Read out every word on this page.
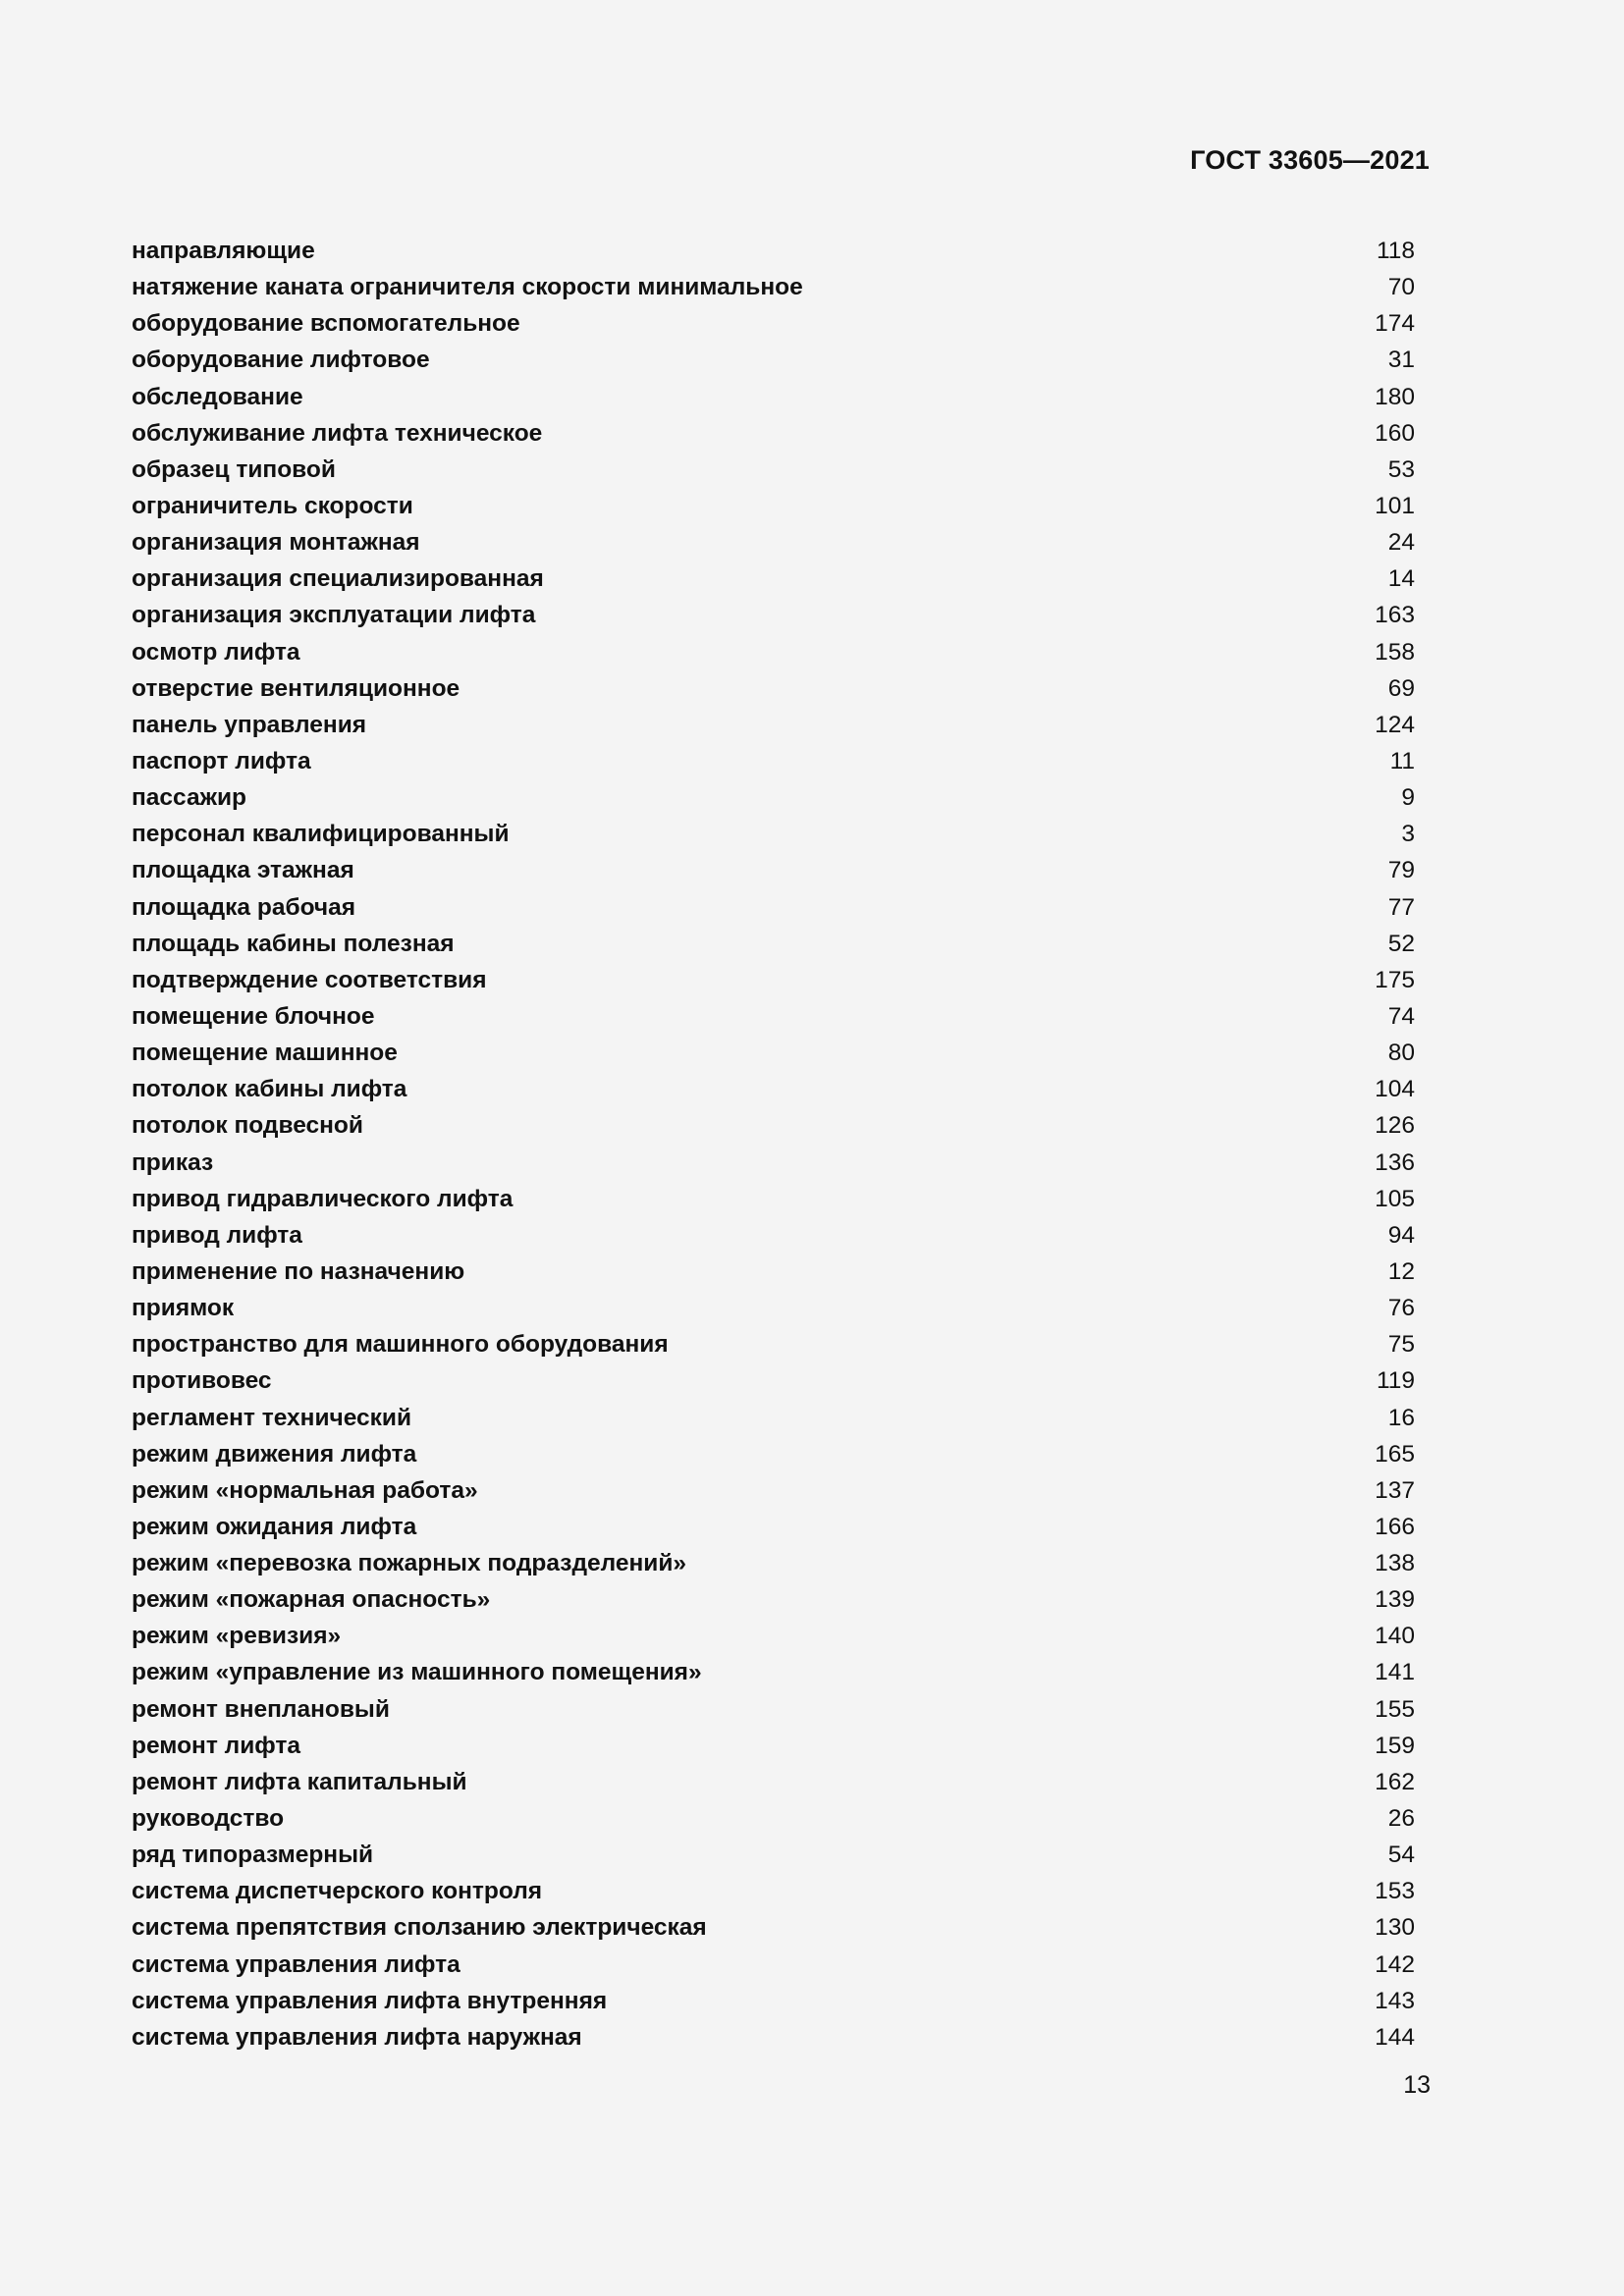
ГОСТ 33605—2021
направляющие	118
натяжение каната ограничителя скорости минимальное	70
оборудование вспомогательное	174
оборудование лифтовое	31
обследование	180
обслуживание лифта техническое	160
образец типовой	53
ограничитель скорости	101
организация монтажная	24
организация специализированная	14
организация эксплуатации лифта	163
осмотр лифта	158
отверстие вентиляционное	69
панель управления	124
паспорт лифта	11
пассажир	9
персонал квалифицированный	3
площадка этажная	79
площадка рабочая	77
площадь кабины полезная	52
подтверждение соответствия	175
помещение блочное	74
помещение машинное	80
потолок кабины лифта	104
потолок подвесной	126
приказ	136
привод гидравлического лифта	105
привод лифта	94
применение по назначению	12
приямок	76
пространство для машинного оборудования	75
противовес	119
регламент технический	16
режим движения лифта	165
режим «нормальная работа»	137
режим ожидания лифта	166
режим «перевозка пожарных подразделений»	138
режим «пожарная опасность»	139
режим «ревизия»	140
режим «управление из машинного помещения»	141
ремонт внеплановый	155
ремонт лифта	159
ремонт лифта капитальный	162
руководство	26
ряд типоразмерный	54
система диспетчерского контроля	153
система препятствия сползанию электрическая	130
система управления лифта	142
система управления лифта внутренняя	143
система управления лифта наружная	144
13
